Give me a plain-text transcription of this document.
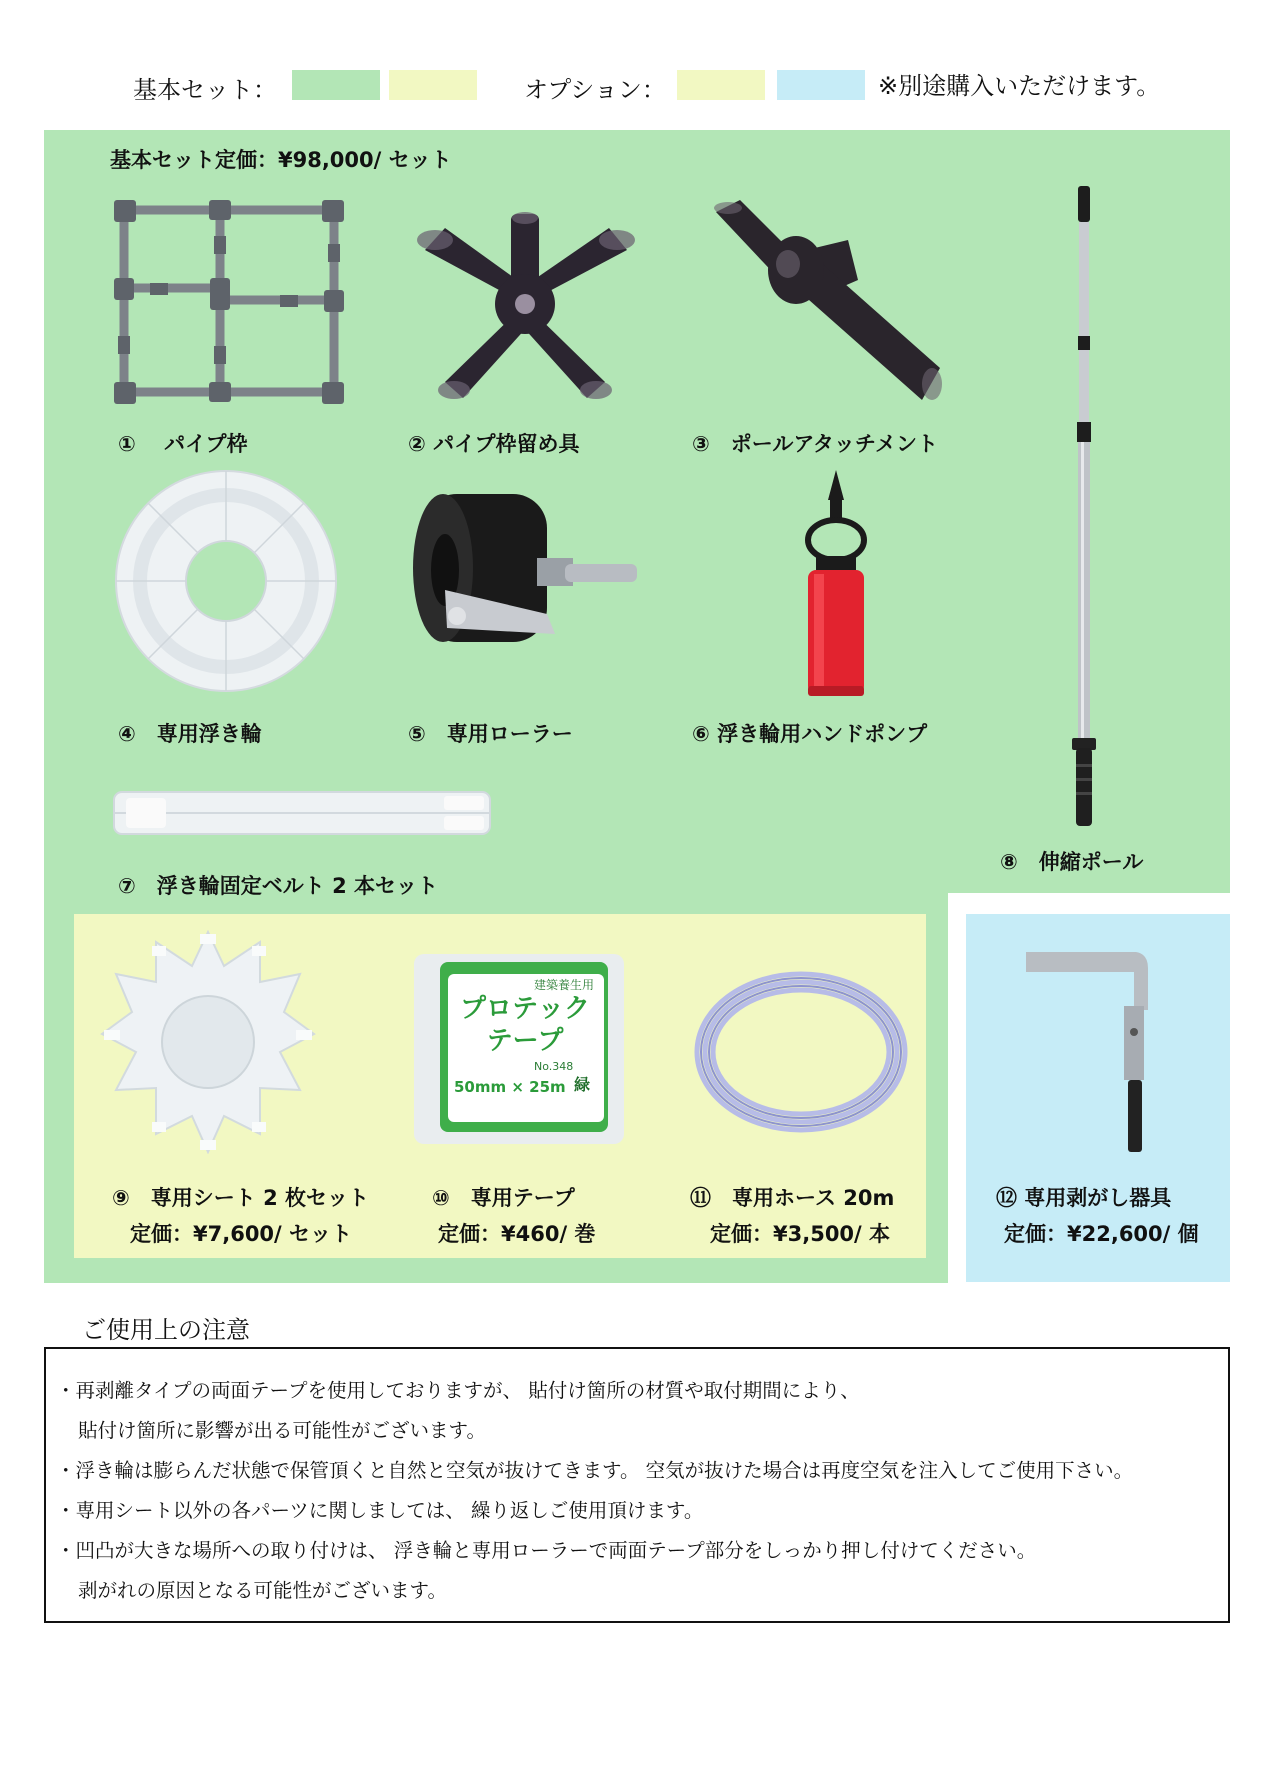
基本セット：	オプション：	※別途購入いただけます。
基本セット定価：¥98,000/ セット
①　 パイプ枠	② パイプ枠留め具	③　ポールアタッチメント
⑧　伸縮ポール
④　専用浮き輪	⑤　専用ローラー	⑥ 浮き輪用ハンドポンプ
⑦　浮き輪固定ベルト 2 本セット
⑨　専用シート 2 枚セット
定価：¥7,600/ セット
建築養生用
プロテック
テープ
No.348
50mm × 25m 緑
⑩　専用テープ
定価：¥460/ 巻
⑪　専用ホース 20m
定価：¥3,500/ 本
⑫ 専用剥がし器具
定価：¥22,600/ 個
ご使用上の注意
・再剥離タイプの両面テープを使用しておりますが、 貼付け箇所の材質や取付期間により、
貼付け箇所に影響が出る可能性がございます。
・浮き輪は膨らんだ状態で保管頂くと自然と空気が抜けてきます。 空気が抜けた場合は再度空気を注入してご使用下さい。
・専用シート以外の各パーツに関しましては、 繰り返しご使用頂けます。
・凹凸が大きな場所への取り付けは、 浮き輪と専用ローラーで両面テープ部分をしっかり押し付けてください。
剥がれの原因となる可能性がございます。
